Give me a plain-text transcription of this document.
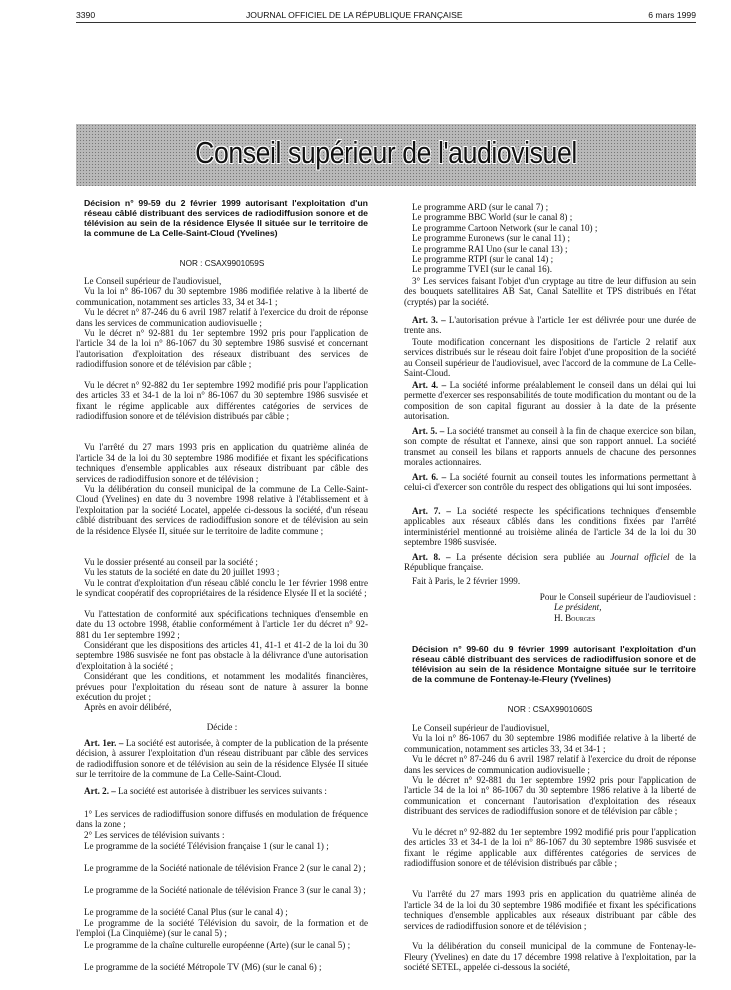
3390	JOURNAL OFFICIEL DE LA RÉPUBLIQUE FRANÇAISE	6 mars 1999
Conseil supérieur de l'audiovisuel
Décision n° 99-59 du 2 février 1999 autorisant l'exploitation d'un réseau câblé distribuant des services de radiodiffusion sonore et de télévision au sein de la résidence Elysée II située sur le territoire de la commune de La Celle-Saint-Cloud (Yvelines)
NOR : CSAX9901059S
Le Conseil supérieur de l'audiovisuel,
Vu la loi n° 86-1067 du 30 septembre 1986 modifiée relative à la liberté de communication, notamment ses articles 33, 34 et 34-1 ;
Vu le décret n° 87-246 du 6 avril 1987 relatif à l'exercice du droit de réponse dans les services de communication audiovisuelle ;
Vu le décret n° 92-881 du 1er septembre 1992 pris pour l'application de l'article 34 de la loi n° 86-1067 du 30 septembre 1986 susvisé et concernant l'autorisation d'exploitation des réseaux distribuant des services de radiodiffusion sonore et de télévision par câble ;
Vu le décret n° 92-882 du 1er septembre 1992 modifié pris pour l'application des articles 33 et 34-1 de la loi n° 86-1067 du 30 septembre 1986 susvisée et fixant le régime applicable aux différentes catégories de services de radiodiffusion sonore et de télévision distribués par câble ;
Vu l'arrêté du 27 mars 1993 pris en application du quatrième alinéa de l'article 34 de la loi du 30 septembre 1986 modifiée et fixant les spécifications techniques d'ensemble applicables aux réseaux distribuant par câble des services de radiodiffusion sonore et de télévision ;
Vu la délibération du conseil municipal de la commune de La Celle-Saint-Cloud (Yvelines) en date du 3 novembre 1998 relative à l'établissement et à l'exploitation par la société Locatel, appelée ci-dessous la société, d'un réseau câblé distribuant des services de radiodiffusion sonore et de télévision au sein de la résidence Elysée II, située sur le territoire de ladite commune ;
Vu le dossier présenté au conseil par la société ;
Vu les statuts de la société en date du 20 juillet 1993 ;
Vu le contrat d'exploitation d'un réseau câblé conclu le 1er février 1998 entre le syndicat coopératif des copropriétaires de la résidence Elysée II et la société ;
Vu l'attestation de conformité aux spécifications techniques d'ensemble en date du 13 octobre 1998, établie conformément à l'article 1er du décret n° 92-881 du 1er septembre 1992 ;
Considérant que les dispositions des articles 41, 41-1 et 41-2 de la loi du 30 septembre 1986 susvisée ne font pas obstacle à la délivrance d'une autorisation d'exploitation à la société ;
Considérant que les conditions, et notamment les modalités financières, prévues pour l'exploitation du réseau sont de nature à assurer la bonne exécution du projet ;
Après en avoir délibéré,
Décide :
Art. 1er. – La société est autorisée, à compter de la publication de la présente décision, à assurer l'exploitation d'un réseau distribuant par câble des services de radiodiffusion sonore et de télévision au sein de la résidence Elysée II située sur le territoire de la commune de La Celle-Saint-Cloud.
Art. 2. – La société est autorisée à distribuer les services suivants :
1° Les services de radiodiffusion sonore diffusés en modulation de fréquence dans la zone ;
2° Les services de télévision suivants :
Le programme de la société Télévision française 1 (sur le canal 1) ;
Le programme de la Société nationale de télévision France 2 (sur le canal 2) ;
Le programme de la Société nationale de télévision France 3 (sur le canal 3) ;
Le programme de la société Canal Plus (sur le canal 4) ;
Le programme de la société Télévision du savoir, de la formation et de l'emploi (La Cinquième) (sur le canal 5) ;
Le programme de la chaîne culturelle européenne (Arte) (sur le canal 5) ;
Le programme de la société Métropole TV (M6) (sur le canal 6) ;
Le programme ARD (sur le canal 7) ;
Le programme BBC World (sur le canal 8) ;
Le programme Cartoon Network (sur le canal 10) ;
Le programme Euronews (sur le canal 11) ;
Le programme RAI Uno (sur le canal 13) ;
Le programme RTPI (sur le canal 14) ;
Le programme TVEI (sur le canal 16).
3° Les services faisant l'objet d'un cryptage au titre de leur diffusion au sein des bouquets satellitaires AB Sat, Canal Satellite et TPS distribués en l'état (cryptés) par la société.
Art. 3. – L'autorisation prévue à l'article 1er est délivrée pour une durée de trente ans.
Toute modification concernant les dispositions de l'article 2 relatif aux services distribués sur le réseau doit faire l'objet d'une proposition de la société au Conseil supérieur de l'audiovisuel, avec l'accord de la commune de La Celle-Saint-Cloud.
Art. 4. – La société informe préalablement le conseil dans un délai qui lui permette d'exercer ses responsabilités de toute modification du montant ou de la composition de son capital figurant au dossier à la date de la présente autorisation.
Art. 5. – La société transmet au conseil à la fin de chaque exercice son bilan, son compte de résultat et l'annexe, ainsi que son rapport annuel. La société transmet au conseil les bilans et rapports annuels de chacune des personnes morales actionnaires.
Art. 6. – La société fournit au conseil toutes les informations permettant à celui-ci d'exercer son contrôle du respect des obligations qui lui sont imposées.
Art. 7. – La société respecte les spécifications techniques d'ensemble applicables aux réseaux câblés dans les conditions fixées par l'arrêté interministériel mentionné au troisième alinéa de l'article 34 de la loi du 30 septembre 1986 susvisée.
Art. 8. – La présente décision sera publiée au Journal officiel de la République française.
Fait à Paris, le 2 février 1999.
Pour le Conseil supérieur de l'audiovisuel :
Le président,
H. Bourges
Décision n° 99-60 du 9 février 1999 autorisant l'exploitation d'un réseau câblé distribuant des services de radiodiffusion sonore et de télévision au sein de la résidence Montaigne située sur le territoire de la commune de Fontenay-le-Fleury (Yvelines)
NOR : CSAX9901060S
Le Conseil supérieur de l'audiovisuel,
Vu la loi n° 86-1067 du 30 septembre 1986 modifiée relative à la liberté de communication, notamment ses articles 33, 34 et 34-1 ;
Vu le décret n° 87-246 du 6 avril 1987 relatif à l'exercice du droit de réponse dans les services de communication audiovisuelle ;
Vu le décret n° 92-881 du 1er septembre 1992 pris pour l'application de l'article 34 de la loi n° 86-1067 du 30 septembre 1986 relative à la liberté de communication et concernant l'autorisation d'exploitation des réseaux distribuant des services de radiodiffusion sonore et de télévision par câble ;
Vu le décret n° 92-882 du 1er septembre 1992 modifié pris pour l'application des articles 33 et 34-1 de la loi n° 86-1067 du 30 septembre 1986 susvisée et fixant le régime applicable aux différentes catégories de services de radiodiffusion sonore et de télévision distribués par câble ;
Vu l'arrêté du 27 mars 1993 pris en application du quatrième alinéa de l'article 34 de la loi du 30 septembre 1986 modifiée et fixant les spécifications techniques d'ensemble applicables aux réseaux distribuant par câble des services de radiodiffusion sonore et de télévision ;
Vu la délibération du conseil municipal de la commune de Fontenay-le-Fleury (Yvelines) en date du 17 décembre 1998 relative à l'exploitation, par la société SETEL, appelée ci-dessous la société,
